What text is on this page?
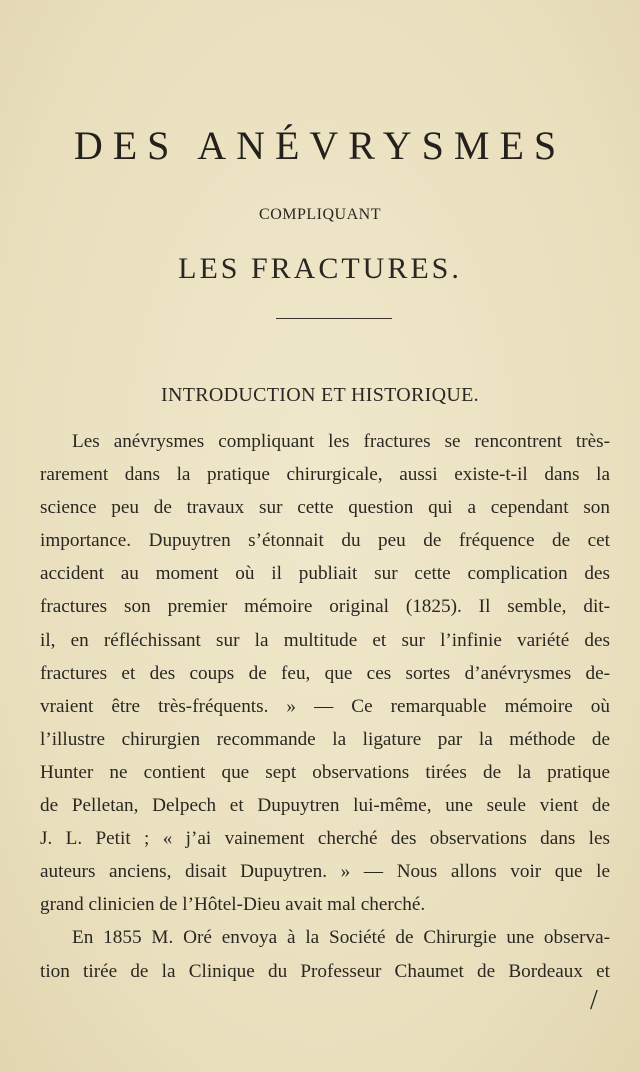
DES ANÉVRYSMES
COMPLIQUANT
LES FRACTURES.
INTRODUCTION ET HISTORIQUE.
Les anévrysmes compliquant les fractures se rencontrent très-
rarement dans la pratique chirurgicale, aussi existe-t-il dans la
science peu de travaux sur cette question qui a cependant son
importance. Dupuytren s’étonnait du peu de fréquence de cet
accident au moment où il publiait sur cette complication des
fractures son premier mémoire original (1825). Il semble, dit-
il, en réfléchissant sur la multitude et sur l’infinie variété des
fractures et des coups de feu, que ces sortes d’anévrysmes de-
vraient être très-fréquents. » — Ce remarquable mémoire où
l’illustre chirurgien recommande la ligature par la méthode de
Hunter ne contient que sept observations tirées de la pratique
de Pelletan, Delpech et Dupuytren lui-même, une seule vient de
J. L. Petit ; « j’ai vainement cherché des observations dans les
auteurs anciens, disait Dupuytren. » — Nous allons voir que le
grand clinicien de l’Hôtel-Dieu avait mal cherché.
En 1855 M. Oré envoya à la Société de Chirurgie une observa-
tion tirée de la Clinique du Professeur Chaumet de Bordeaux et
/
